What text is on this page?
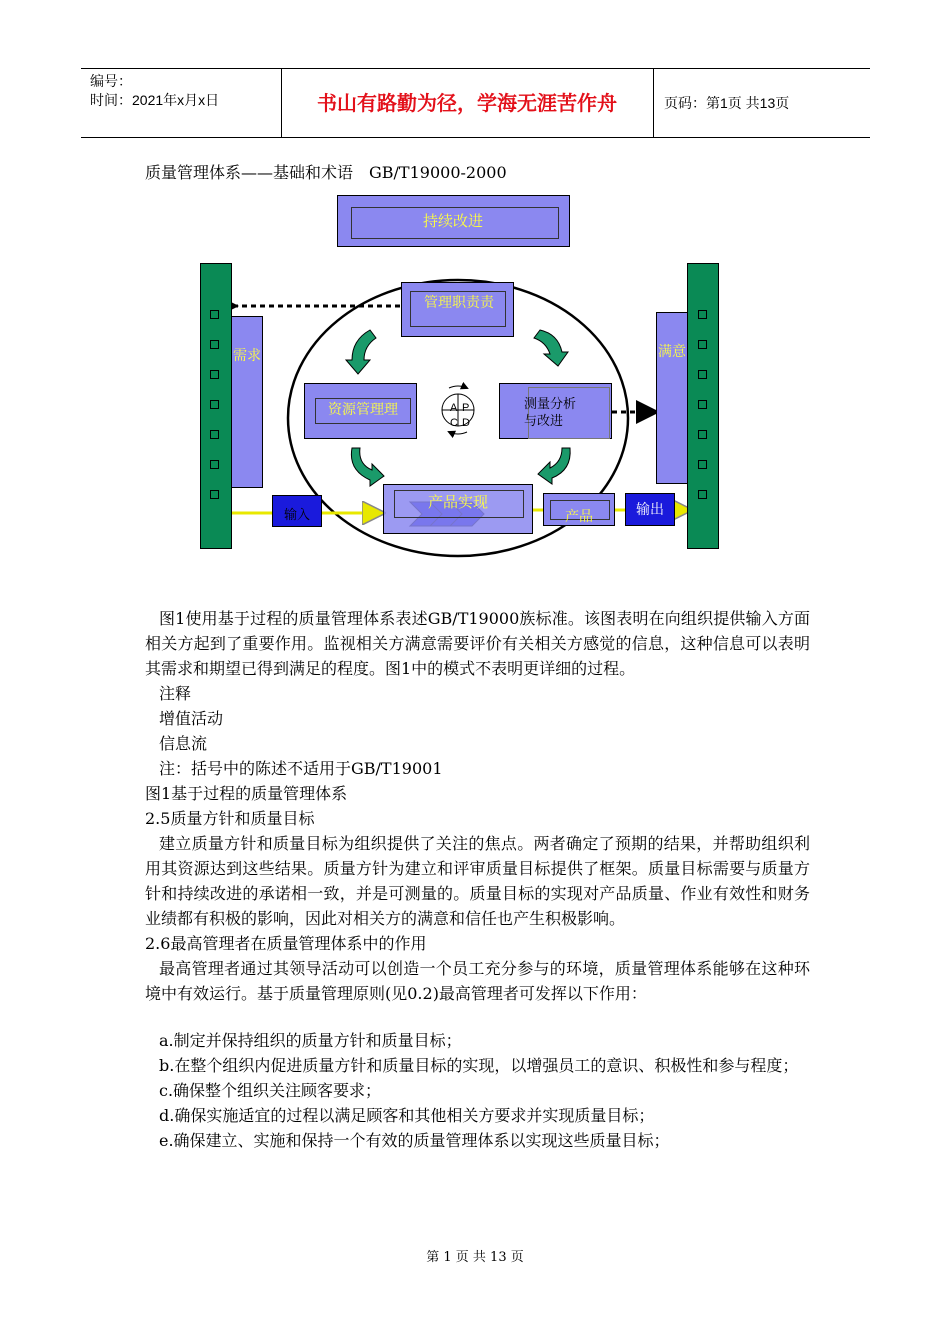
编号：
时间：2021年x月x日	书山有路勤为径，学海无涯苦作舟	页码：第1页 共13页
质量管理体系——基础和术语　GB/T19000-2000
持续改进
需求	满意
管理职责责
资源管理理	测量分析与改进
A P
C D
产品实现
输入	产品	输出
图1使用基于过程的质量管理体系表述GB/T19000族标准。该图表明在向组织提供输入方面相关方起到了重要作用。监视相关方满意需要评价有关相关方感觉的信息，这种信息可以表明其需求和期望已得到满足的程度。图1中的模式不表明更详细的过程。
注释
增值活动
信息流
注：括号中的陈述不适用于GB/T19001
图1基于过程的质量管理体系
2.5质量方针和质量目标
建立质量方针和质量目标为组织提供了关注的焦点。两者确定了预期的结果，并帮助组织利用其资源达到这些结果。质量方针为建立和评审质量目标提供了框架。质量目标需要与质量方针和持续改进的承诺相一致，并是可测量的。质量目标的实现对产品质量、作业有效性和财务业绩都有积极的影响，因此对相关方的满意和信任也产生积极影响。
2.6最高管理者在质量管理体系中的作用
最高管理者通过其领导活动可以创造一个员工充分参与的环境，质量管理体系能够在这种环境中有效运行。基于质量管理原则(见0.2)最高管理者可发挥以下作用：
a.制定并保持组织的质量方针和质量目标；
b.在整个组织内促进质量方针和质量目标的实现，以增强员工的意识、积极性和参与程度；
c.确保整个组织关注顾客要求；
d.确保实施适宜的过程以满足顾客和其他相关方要求并实现质量目标；
e.确保建立、实施和保持一个有效的质量管理体系以实现这些质量目标；
第 1 页 共 13 页
